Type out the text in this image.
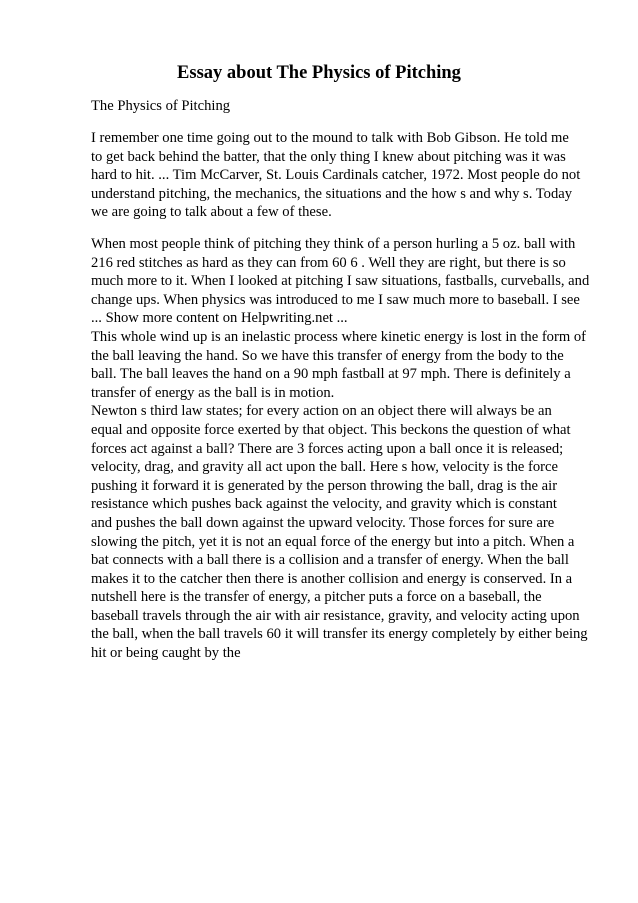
Essay about The Physics of Pitching

The Physics of Pitching

I remember one time going out to the mound to talk with Bob Gibson. He told me
to get back behind the batter, that the only thing I knew about pitching was it was
hard to hit. ... Tim McCarver, St. Louis Cardinals catcher, 1972. Most people do not
understand pitching, the mechanics, the situations and the how s and why s. Today
we are going to talk about a few of these.
When most people think of pitching they think of a person hurling a 5 oz. ball with
216 red stitches as hard as they can from 60 6 . Well they are right, but there is so
much more to it. When I looked at pitching I saw situations, fastballs, curveballs, and
change ups. When physics was introduced to me I saw much more to baseball. I see
... Show more content on Helpwriting.net ...
This whole wind up is an inelastic process where kinetic energy is lost in the form of
the ball leaving the hand. So we have this transfer of energy from the body to the
ball. The ball leaves the hand on a 90 mph fastball at 97 mph. There is definitely a
transfer of energy as the ball is in motion.
Newton s third law states; for every action on an object there will always be an
equal and opposite force exerted by that object. This beckons the question of what
forces act against a ball? There are 3 forces acting upon a ball once it is released;
velocity, drag, and gravity all act upon the ball. Here s how, velocity is the force
pushing it forward it is generated by the person throwing the ball, drag is the air
resistance which pushes back against the velocity, and gravity which is constant
and pushes the ball down against the upward velocity. Those forces for sure are
slowing the pitch, yet it is not an equal force of the energy but into a pitch. When a
bat connects with a ball there is a collision and a transfer of energy. When the ball
makes it to the catcher then there is another collision and energy is conserved. In a
nutshell here is the transfer of energy, a pitcher puts a force on a baseball, the
baseball travels through the air with air resistance, gravity, and velocity acting upon
the ball, when the ball travels 60 it will transfer its energy completely by either being
hit or being caught by the
